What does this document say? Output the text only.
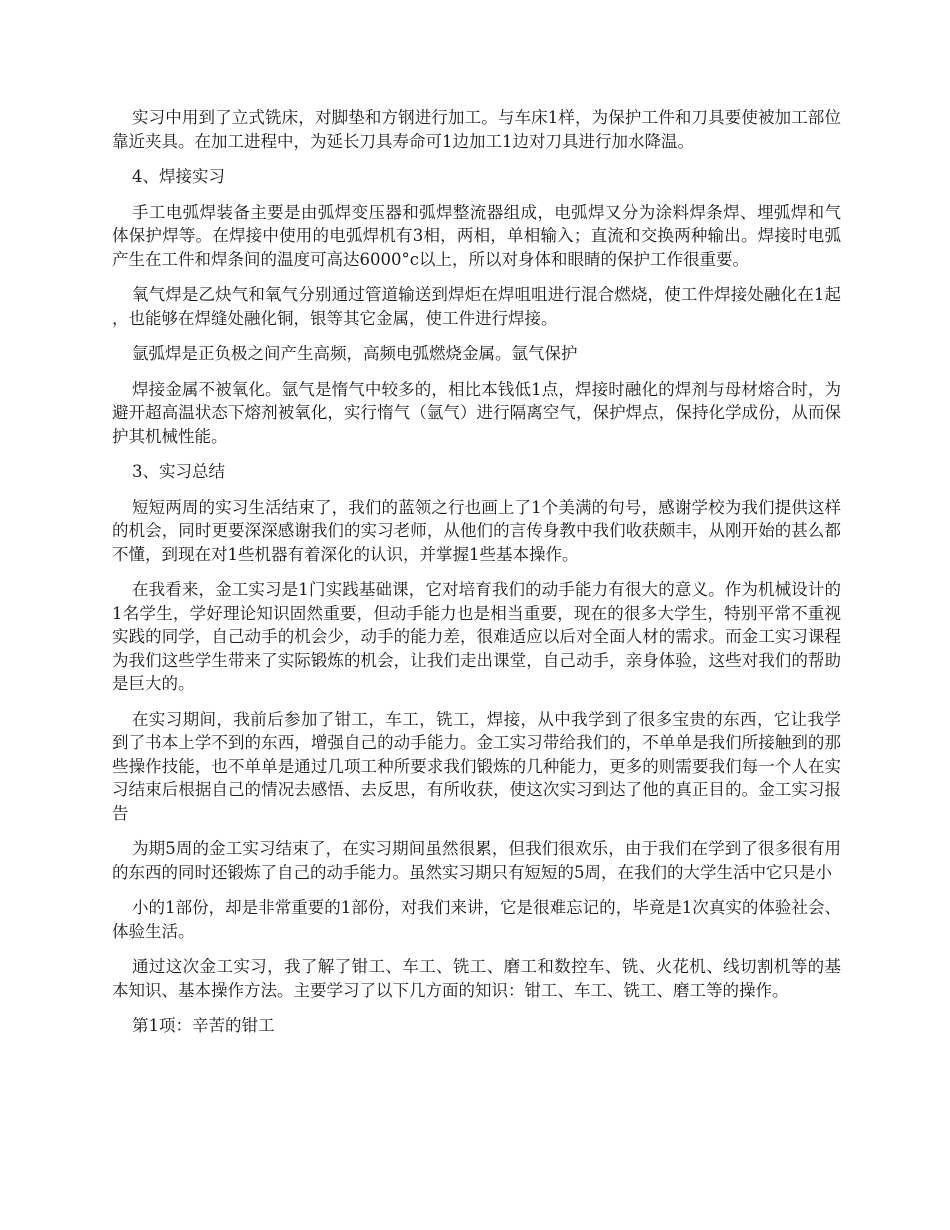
实习中用到了立式铣床，对脚垫和方钢进行加工。与车床1样，为保护工件和刀具要使被加工部位靠近夹具。在加工进程中，为延长刀具寿命可1边加工1边对刀具进行加水降温。

4、焊接实习

手工电弧焊装备主要是由弧焊变压器和弧焊整流器组成，电弧焊又分为涂料焊条焊、埋弧焊和气体保护焊等。在焊接中使用的电弧焊机有3相，两相，单相输入；直流和交换两种输出。焊接时电弧产生在工件和焊条间的温度可高达6000°c以上，所以对身体和眼睛的保护工作很重要。

氧气焊是乙炔气和氧气分别通过管道输送到焊炬在焊咀咀进行混合燃烧，使工件焊接处融化在1起，也能够在焊缝处融化铜，银等其它金属，使工件进行焊接。

氩弧焊是正负极之间产生高频，高频电弧燃烧金属。氩气保护

焊接金属不被氧化。氩气是惰气中较多的，相比本钱低1点，焊接时融化的焊剂与母材熔合时，为避开超高温状态下熔剂被氧化，实行惰气（氩气）进行隔离空气，保护焊点，保持化学成份，从而保护其机械性能。

3、实习总结

短短两周的实习生活结束了，我们的蓝领之行也画上了1个美满的句号，感谢学校为我们提供这样的机会，同时更要深深感谢我们的实习老师，从他们的言传身教中我们收获颇丰，从刚开始的甚么都不懂，到现在对1些机器有着深化的认识，并掌握1些基本操作。

在我看来，金工实习是1门实践基础课，它对培育我们的动手能力有很大的意义。作为机械设计的1名学生，学好理论知识固然重要，但动手能力也是相当重要，现在的很多大学生，特别平常不重视实践的同学，自己动手的机会少，动手的能力差，很难适应以后对全面人材的需求。而金工实习课程为我们这些学生带来了实际锻炼的机会，让我们走出课堂，自己动手，亲身体验，这些对我们的帮助是巨大的。

在实习期间，我前后参加了钳工，车工，铣工，焊接，从中我学到了很多宝贵的东西，它让我学到了书本上学不到的东西，增强自己的动手能力。金工实习带给我们的，不单单是我们所接触到的那些操作技能，也不单单是通过几项工种所要求我们锻炼的几种能力，更多的则需要我们每一个人在实习结束后根据自己的情况去感悟、去反思，有所收获，使这次实习到达了他的真正目的。金工实习报告

为期5周的金工实习结束了，在实习期间虽然很累，但我们很欢乐，由于我们在学到了很多很有用的东西的同时还锻炼了自己的动手能力。虽然实习期只有短短的5周，在我们的大学生活中它只是小

小的1部份，却是非常重要的1部份，对我们来讲，它是很难忘记的，毕竟是1次真实的体验社会、体验生活。

通过这次金工实习，我了解了钳工、车工、铣工、磨工和数控车、铣、火花机、线切割机等的基本知识、基本操作方法。主要学习了以下几方面的知识：钳工、车工、铣工、磨工等的操作。

第1项：辛苦的钳工
